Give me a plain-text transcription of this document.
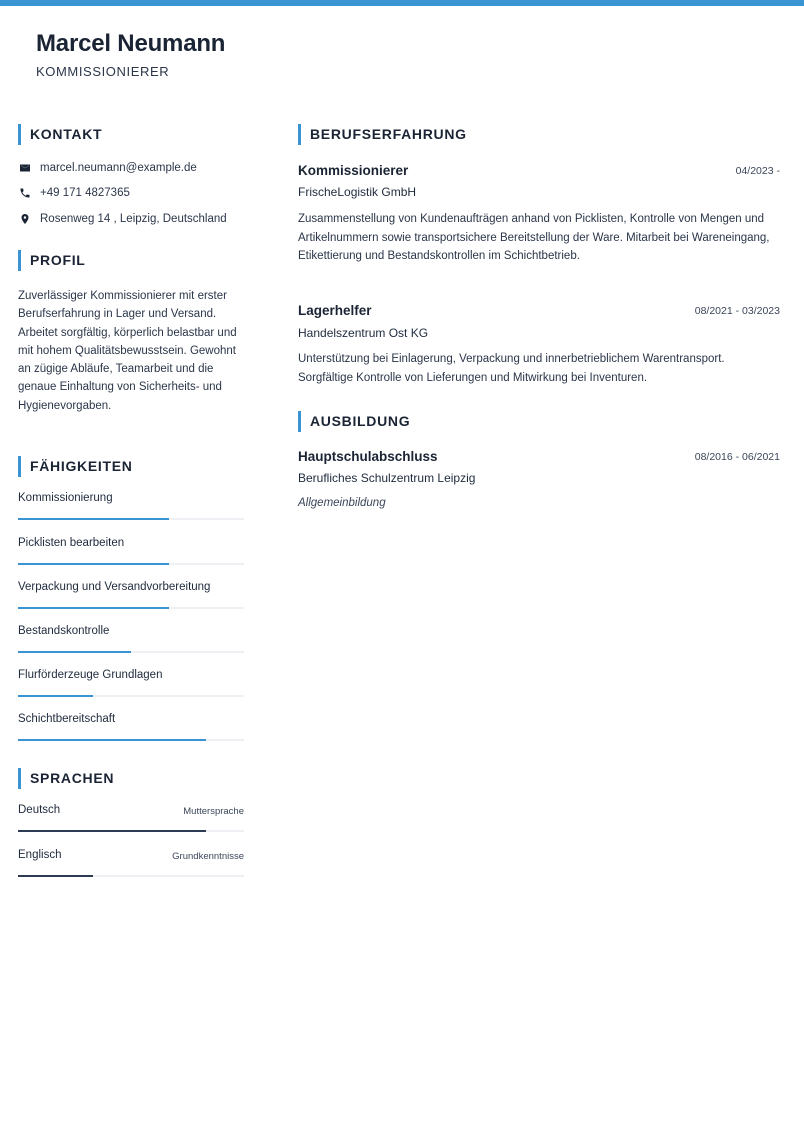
Marcel Neumann
KOMMISSIONIERER
KONTAKT
marcel.neumann@example.de
+49 171 4827365
Rosenweg 14 , Leipzig, Deutschland
PROFIL
Zuverlässiger Kommissionierer mit erster Berufserfahrung in Lager und Versand. Arbeitet sorgfältig, körperlich belastbar und mit hohem Qualitätsbewusstsein. Gewohnt an zügige Abläufe, Teamarbeit und die genaue Einhaltung von Sicherheits- und Hygienevorgaben.
FÄHIGKEITEN
Kommissionierung
Picklisten bearbeiten
Verpackung und Versandvorbereitung
Bestandskontrolle
Flurförderzeuge Grundlagen
Schichtbereitschaft
SPRACHEN
Deutsch	Muttersprache
Englisch	Grundkenntnisse
BERUFSERFAHRUNG
Kommissionierer	04/2023 -
FrischeLogistik GmbH
Zusammenstellung von Kundenaufträgen anhand von Picklisten, Kontrolle von Mengen und Artikelnummern sowie transportsichere Bereitstellung der Ware. Mitarbeit bei Wareneingang, Etikettierung und Bestandskontrollen im Schichtbetrieb.
Lagerhelfer	08/2021 - 03/2023
Handelszentrum Ost KG
Unterstützung bei Einlagerung, Verpackung und innerbetrieblichem Warentransport. Sorgfältige Kontrolle von Lieferungen und Mitwirkung bei Inventuren.
AUSBILDUNG
Hauptschulabschluss	08/2016 - 06/2021
Berufliches Schulzentrum Leipzig
Allgemeinbildung
